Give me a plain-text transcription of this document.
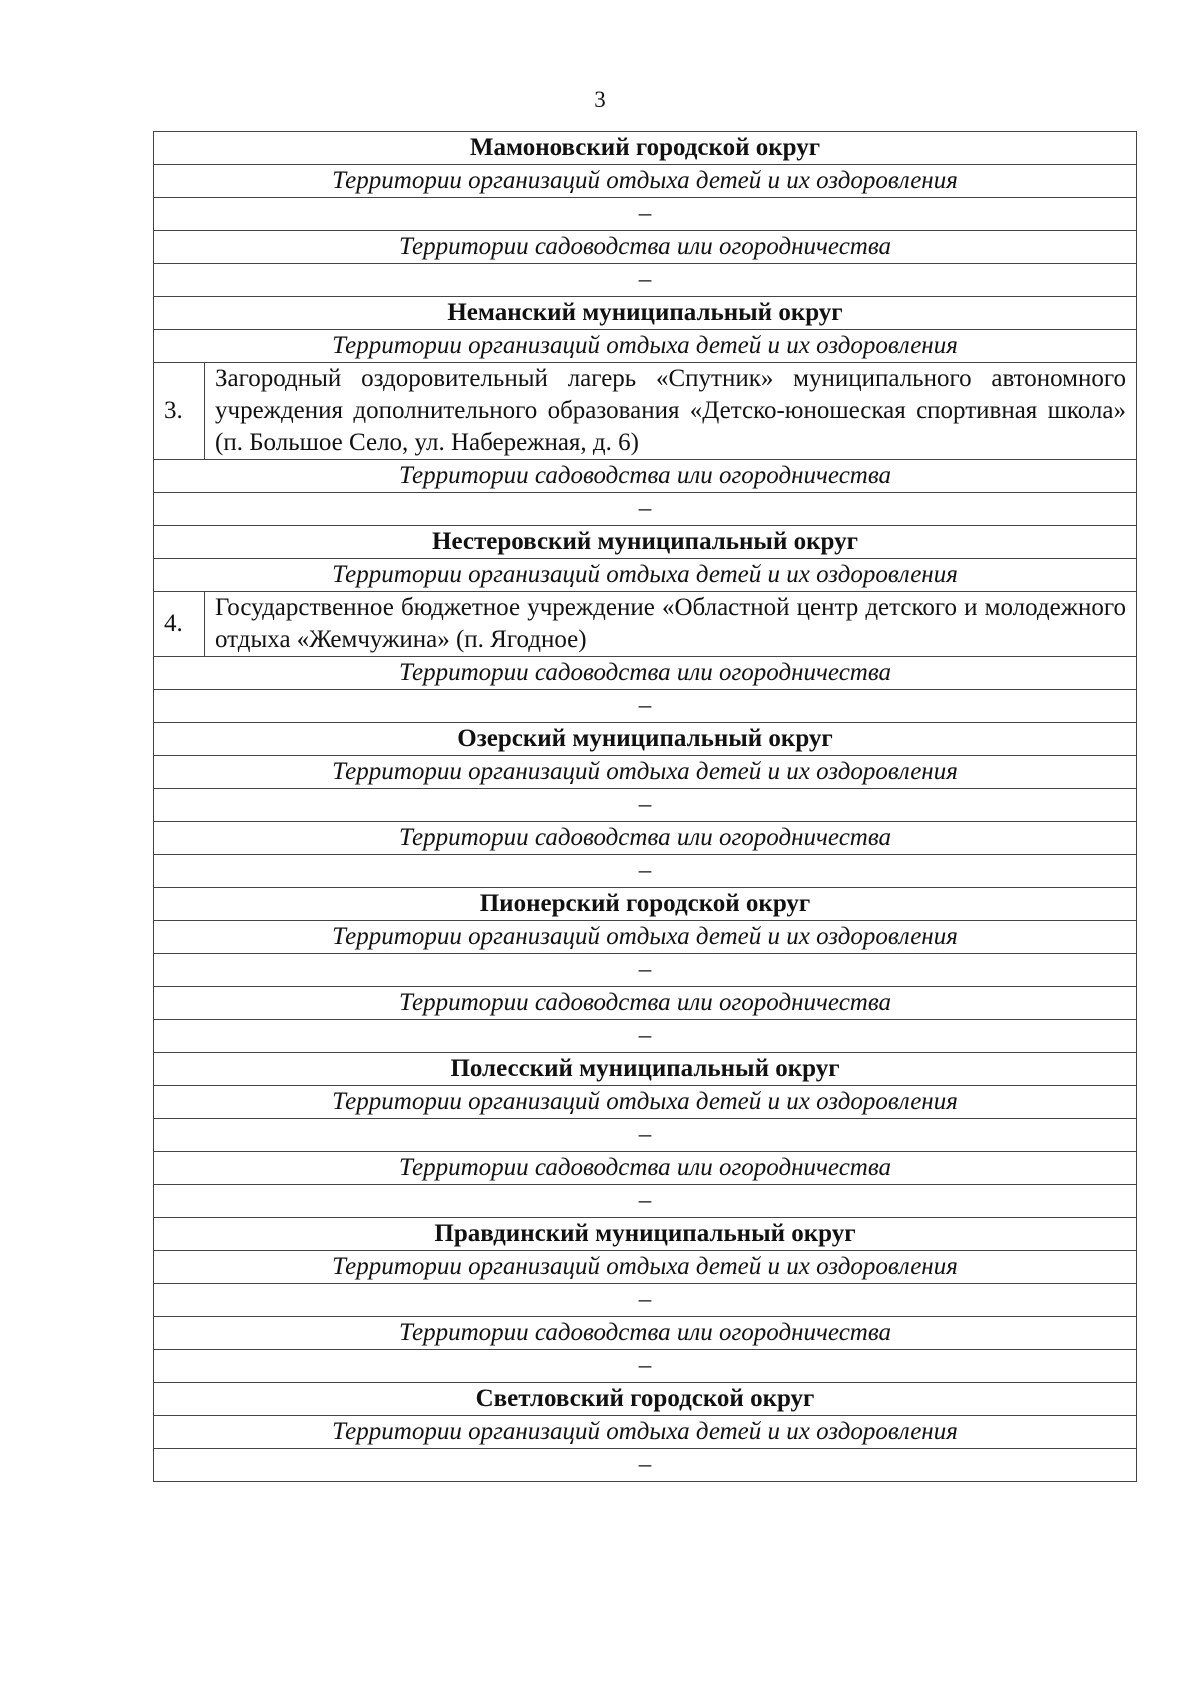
3
Мамоновский городской округ	
Территории организаций отдыха детей и их оздоровления	
–	
Территории садоводства или огородничества	
–	
Неманский муниципальный округ	
Территории организаций отдыха детей и их оздоровления	
3.	Загородный оздоровительный лагерь «Спутник» муниципального автономного учреждения дополнительного образования «Детско-юношеская спортивная школа» (п. Большое Село, ул. Набережная, д. 6)
Территории садоводства или огородничества	
–	
Нестеровский муниципальный округ	
Территории организаций отдыха детей и их оздоровления	
4.	Государственное бюджетное учреждение «Областной центр детского и молодежного отдыха «Жемчужина» (п. Ягодное)
Территории садоводства или огородничества	
–	
Озерский муниципальный округ	
Территории организаций отдыха детей и их оздоровления	
–	
Территории садоводства или огородничества	
–	
Пионерский городской округ	
Территории организаций отдыха детей и их оздоровления	
–	
Территории садоводства или огородничества	
–	
Полесский муниципальный округ	
Территории организаций отдыха детей и их оздоровления	
–	
Территории садоводства или огородничества	
–	
Правдинский муниципальный округ	
Территории организаций отдыха детей и их оздоровления	
–	
Территории садоводства или огородничества	
–	
Светловский городской округ	
Территории организаций отдыха детей и их оздоровления	
–	
